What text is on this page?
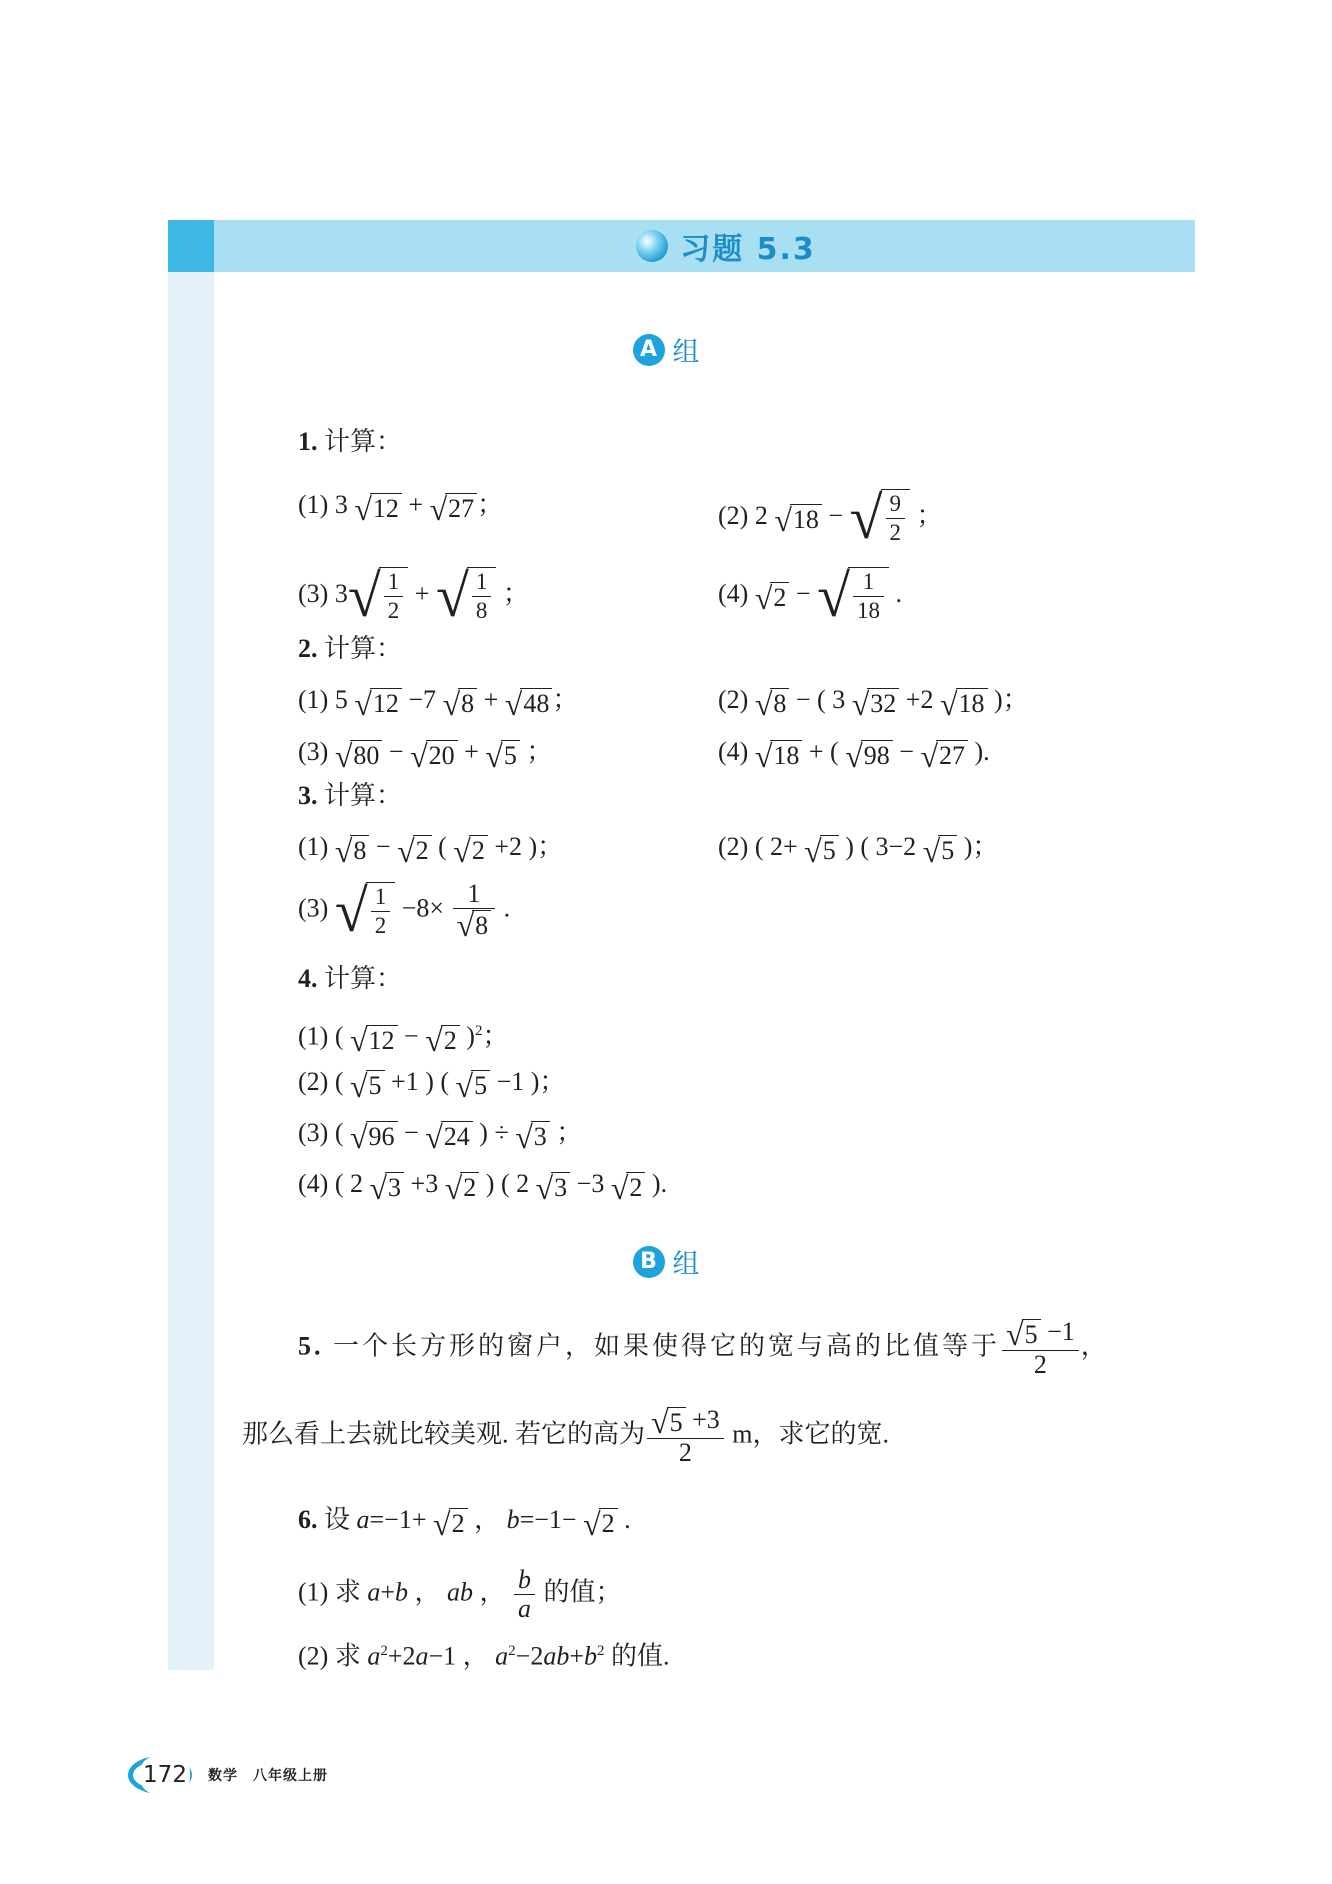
习题 5.3
A 组
1. 计算：
(1) 3 √12 + √27 ；	(2) 2 √18 − √ $\frac{9}{2}$ ；
(3) $3√ \frac{1}{2}$ + √ $\frac{1}{8}$ ；	(4) √2 − √ $\frac{1}{18}$ .
2. 计算：
(1) 5 √12 −7 √8 + √48 ；	(2) √8 − ( 3 √32 +2 √18 )；
(3) √80 − √20 + √5 ；	(4) √18 + ( √98 − √27 ).
3. 计算：
(1) √8 − √2 ( √2 +2 )；	(2) ( 2+ √5 ) ( 3−2 √5 )；
(3) √ $\frac{1}{2} -8\times \frac{1}{√8}$ .
4. 计算：
(1) ( √12 − √2 )$^2$；
(2) ( √5 +1 ) ( √5 −1 )；
(3) ( √96 − √24 ) ÷ √3 ；
(4) ( 2 √3 +3 √2 ) ( 2 √3 −3 √2 ).
B 组
5. 一个长方形的窗户，如果使得它的宽与高的比值等于 $\frac{√5 -1}{2}$ ，
那么看上去就比较美观. 若它的高为 $\frac{√5 +3}{2}$ m，求它的宽.
6. 设 a=−1+ √2 ， b=−1− √2 .
(1) 求 a+b ， ab ， $\frac{b}{a}$ 的值；
(2) 求 $a^2+2a-1$ ， $a^2-2ab+b^2$ 的值.
172 数学　八年级上册
